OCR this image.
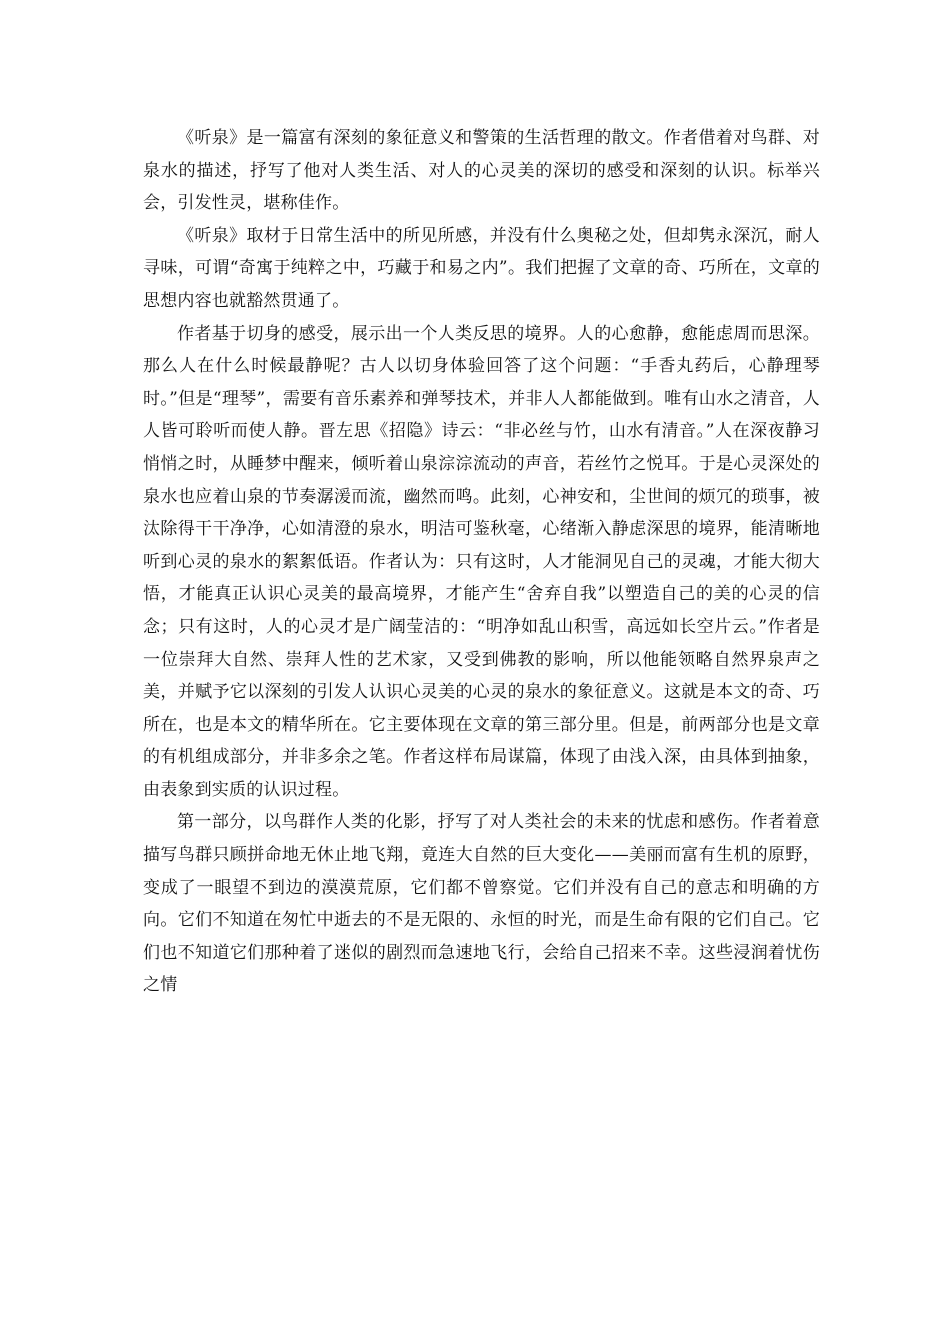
《听泉》是一篇富有深刻的象征意义和警策的生活哲理的散文。作者借着对鸟群、对泉水的描述，抒写了他对人类生活、对人的心灵美的深切的感受和深刻的认识。标举兴会，引发性灵，堪称佳作。

《听泉》取材于日常生活中的所见所感，并没有什么奥秘之处，但却隽永深沉，耐人寻味，可谓“奇寓于纯粹之中，巧藏于和易之内”。我们把握了文章的奇、巧所在，文章的思想内容也就豁然贯通了。

作者基于切身的感受，展示出一个人类反思的境界。人的心愈静，愈能虑周而思深。那么人在什么时候最静呢？古人以切身体验回答了这个问题：“手香丸药后，心静理琴时。”但是“理琴”，需要有音乐素养和弹琴技术，并非人人都能做到。唯有山水之清音，人人皆可聆听而使人静。晋左思《招隐》诗云：“非必丝与竹，山水有清音。”人在深夜静习悄悄之时，从睡梦中醒来，倾听着山泉淙淙流动的声音，若丝竹之悦耳。于是心灵深处的泉水也应着山泉的节奏潺湲而流，幽然而鸣。此刻，心神安和，尘世间的烦冗的琐事，被汰除得干干净净，心如清澄的泉水，明洁可鉴秋毫，心绪渐入静虑深思的境界，能清晰地听到心灵的泉水的絮絮低语。作者认为：只有这时，人才能洞见自己的灵魂，才能大彻大悟，才能真正认识心灵美的最高境界，才能产生“舍弃自我”以塑造自己的美的心灵的信念；只有这时，人的心灵才是广阔莹洁的：“明净如乱山积雪，高远如长空片云。”作者是一位崇拜大自然、崇拜人性的艺术家，又受到佛教的影响，所以他能领略自然界泉声之美，并赋予它以深刻的引发人认识心灵美的心灵的泉水的象征意义。这就是本文的奇、巧所在，也是本文的精华所在。它主要体现在文章的第三部分里。但是，前两部分也是文章的有机组成部分，并非多余之笔。作者这样布局谋篇，体现了由浅入深，由具体到抽象，由表象到实质的认识过程。

第一部分，以鸟群作人类的化影，抒写了对人类社会的未来的忧虑和感伤。作者着意描写鸟群只顾拼命地无休止地飞翔，竟连大自然的巨大变化——美丽而富有生机的原野，变成了一眼望不到边的漠漠荒原，它们都不曾察觉。它们并没有自己的意志和明确的方向。它们不知道在匆忙中逝去的不是无限的、永恒的时光，而是生命有限的它们自己。它们也不知道它们那种着了迷似的剧烈而急速地飞行，会给自己招来不幸。这些浸润着忧伤之情
